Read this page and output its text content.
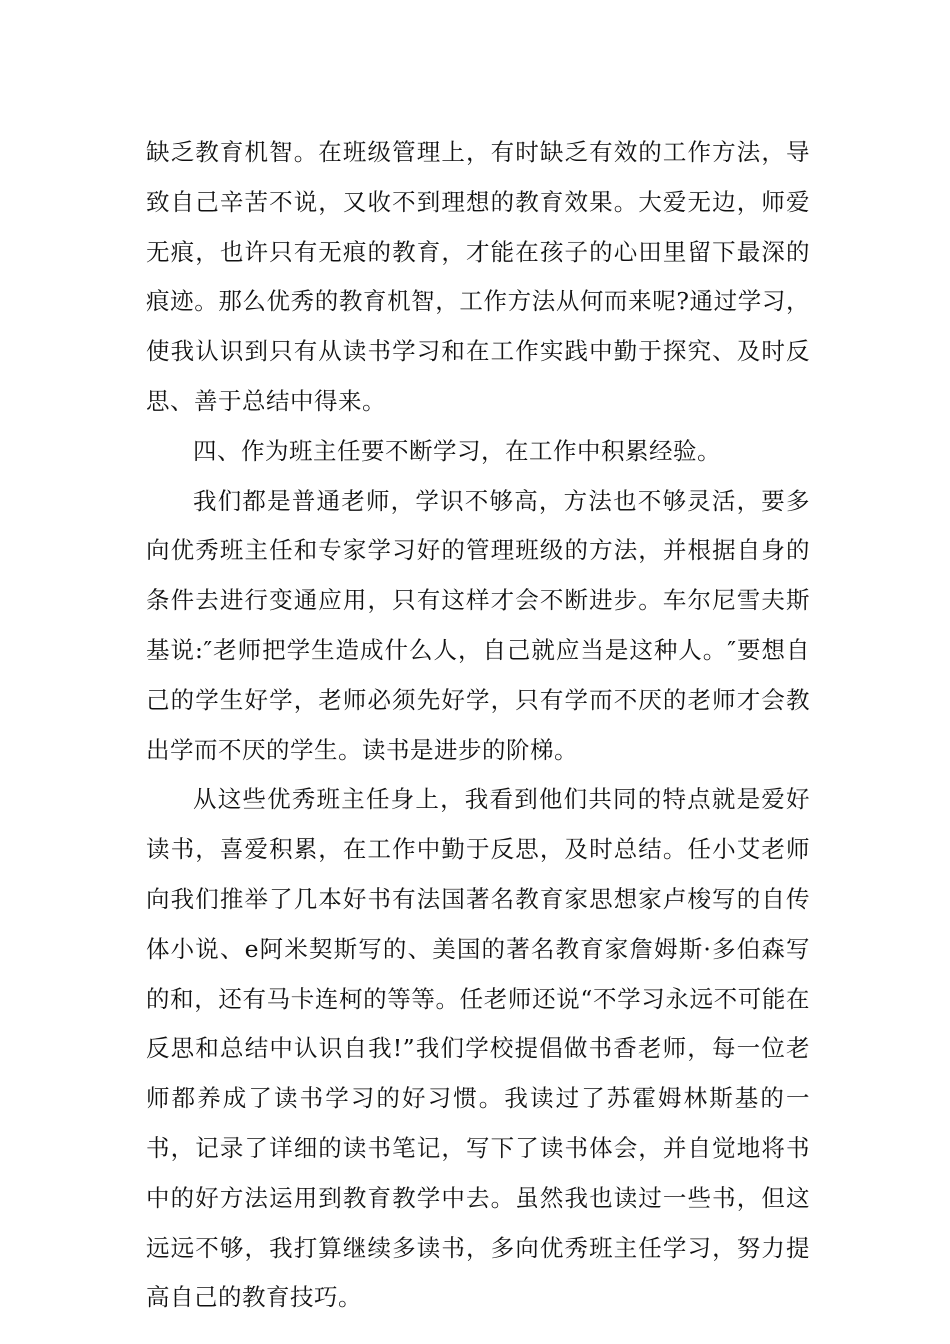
缺乏教育机智。在班级管理上，有时缺乏有效的工作方法，导致自己辛苦不说，又收不到理想的教育效果。大爱无边，师爱无痕，也许只有无痕的教育，才能在孩子的心田里留下最深的痕迹。那么优秀的教育机智，工作方法从何而来呢?通过学习，使我认识到只有从读书学习和在工作实践中勤于探究、及时反思、善于总结中得来。

四、作为班主任要不断学习，在工作中积累经验。

我们都是普通老师，学识不够高，方法也不够灵活，要多向优秀班主任和专家学习好的管理班级的方法，并根据自身的条件去进行变通应用，只有这样才会不断进步。车尔尼雪夫斯基说:″老师把学生造成什么人，自己就应当是这种人。″要想自己的学生好学，老师必须先好学，只有学而不厌的老师才会教出学而不厌的学生。读书是进步的阶梯。

从这些优秀班主任身上，我看到他们共同的特点就是爱好读书，喜爱积累，在工作中勤于反思，及时总结。任小艾老师向我们推举了几本好书有法国著名教育家思想家卢梭写的自传体小说、e阿米契斯写的、美国的著名教育家詹姆斯·多伯森写的和，还有马卡连柯的等等。任老师还说“不学习永远不可能在反思和总结中认识自我!”我们学校提倡做书香老师，每一位老师都养成了读书学习的好习惯。我读过了苏霍姆林斯基的一书，记录了详细的读书笔记，写下了读书体会，并自觉地将书中的好方法运用到教育教学中去。虽然我也读过一些书，但这远远不够，我打算继续多读书，多向优秀班主任学习，努力提高自己的教育技巧。
